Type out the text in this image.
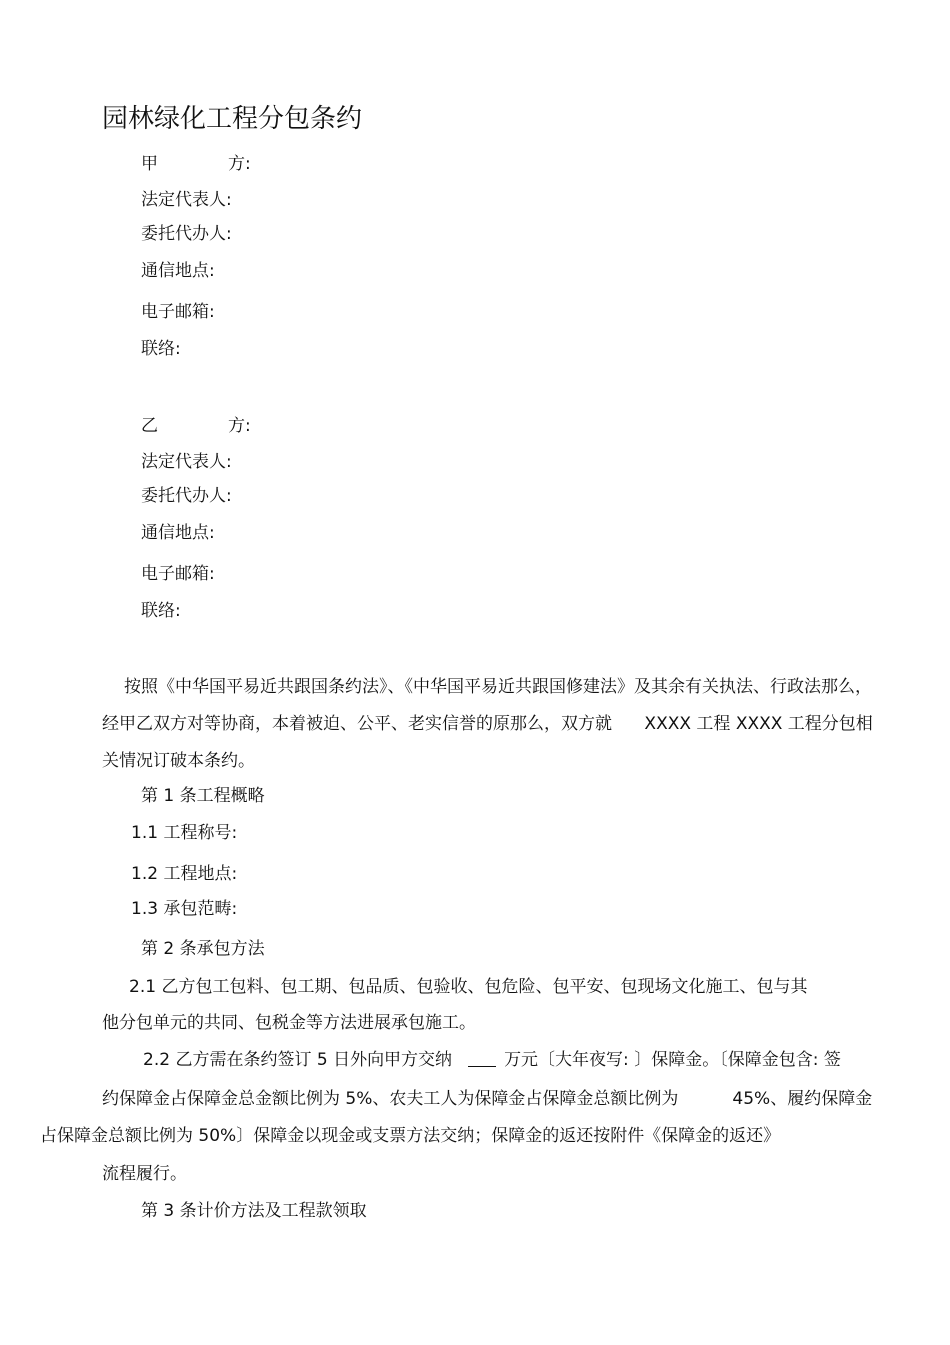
园林绿化工程分包条约
甲	方:
法定代表人:
委托代办人:
通信地点:
电子邮箱:
联络:
乙	方:
法定代表人:
委托代办人:
通信地点:
电子邮箱:
联络:
按照《中华国平易近共跟国条约法》、《中华国平易近共跟国修建法》及其余有关执法、行政法那么，
经甲乙双方对等协商，本着被迫、公平、老实信誉的原那么，双方就      XXXX 工程 XXXX 工程分包相
关情况订破本条约。
第 1 条工程概略
1.1 工程称号:
1.2 工程地点:
1.3 承包范畴:
第 2 条承包方法
2.1 乙方包工包料、包工期、包品质、包验收、包危险、包平安、包现场文化施工、包与其
他分包单元的共同、包税金等方法进展承包施工。
2.2 乙方需在条约签订 5 日外向甲方交纳	万元〔大年夜写: 〕保障金。〔保障金包含: 签
约保障金占保障金总金额比例为 5%、农夫工人为保障金占保障金总额比例为          45%、履约保障金
占保障金总额比例为 50%〕保障金以现金或支票方法交纳；保障金的返还按附件《保障金的返还》
流程履行。
第 3 条计价方法及工程款领取
